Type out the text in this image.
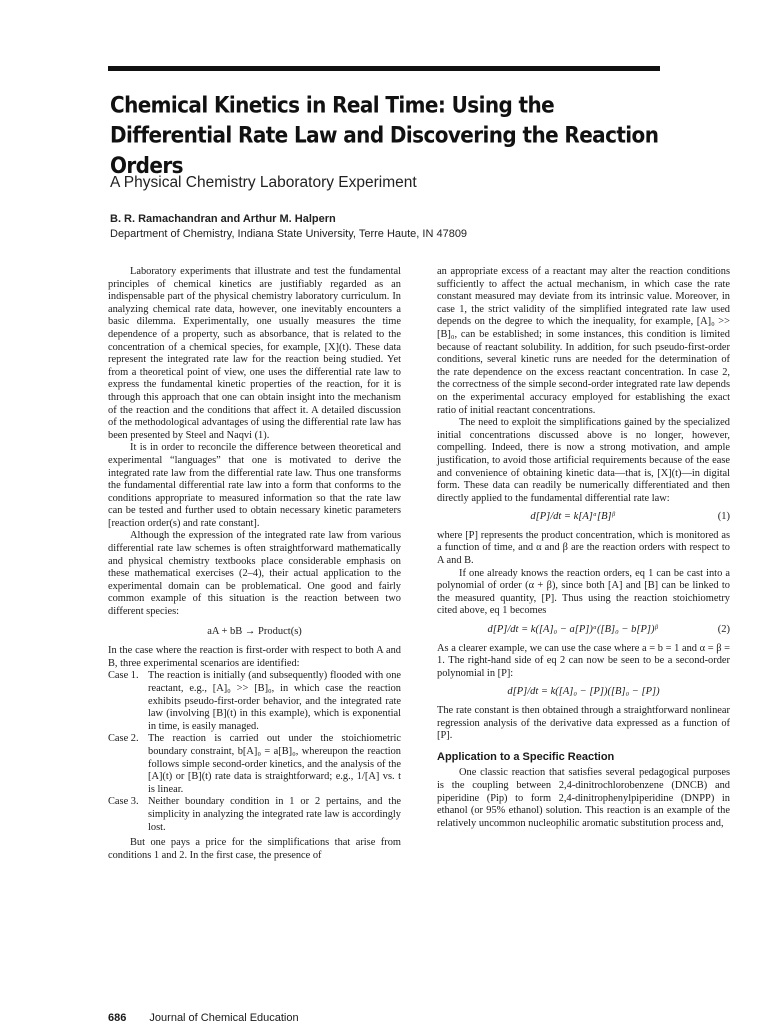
Chemical Kinetics in Real Time: Using the Differential Rate Law and Discovering the Reaction Orders
A Physical Chemistry Laboratory Experiment
B. R. Ramachandran and Arthur M. Halpern
Department of Chemistry, Indiana State University, Terre Haute, IN 47809

Laboratory experiments that illustrate and test the fundamental principles of chemical kinetics are justifiably regarded as an indispensable part of the physical chemistry laboratory curriculum. In analyzing chemical rate data, however, one inevitably encounters a basic dilemma. Experimentally, one usually measures the time dependence of a property, such as absorbance, that is related to the concentration of a chemical species, for example, [X](t). These data represent the integrated rate law for the reaction being studied. Yet from a theoretical point of view, one uses the differential rate law to express the fundamental kinetic properties of the reaction, for it is through this approach that one can obtain insight into the mechanism of the reaction and the conditions that affect it. A detailed discussion of the methodological advantages of using the differential rate law has been presented by Steel and Naqvi (1).

It is in order to reconcile the difference between theoretical and experimental “languages” that one is motivated to derive the integrated rate law from the differential rate law. Thus one transforms the fundamental differential rate law into a form that conforms to the conditions appropriate to measured information so that the rate law can be tested and further used to obtain necessary kinetic parameters [reaction order(s) and rate constant].

Although the expression of the integrated rate law from various differential rate law schemes is often straightforward mathematically and physical chemistry textbooks place considerable emphasis on these mathematical exercises (2–4), their actual application to the experimental domain can be problematical. One good and fairly common example of this situation is the reaction between two different species:

aA + bB → Product(s)

In the case where the reaction is first-order with respect to both A and B, three experimental scenarios are identified:

Case 1. The reaction is initially (and subsequently) flooded with one reactant, e.g., [A]₀ >> [B]₀, in which case the reaction exhibits pseudo-first-order behavior, and the integrated rate law (involving [B](t) in this example), which is exponential in time, is easily managed.
Case 2. The reaction is carried out under the stoichiometric boundary constraint, b[A]₀ = a[B]₀, whereupon the reaction follows simple second-order kinetics, and the analysis of the [A](t) or [B](t) rate data is straightforward; e.g., 1/[A] vs. t is linear.
Case 3. Neither boundary condition in 1 or 2 pertains, and the simplicity in analyzing the integrated rate law is accordingly lost.

But one pays a price for the simplifications that arise from conditions 1 and 2. In the first case, the presence of

an appropriate excess of a reactant may alter the reaction conditions sufficiently to affect the actual mechanism, in which case the rate constant measured may deviate from its intrinsic value. Moreover, in case 1, the strict validity of the simplified integrated rate law used depends on the degree to which the inequality, for example, [A]₀ >> [B]₀, can be established; in some instances, this condition is limited because of reactant solubility. In addition, for such pseudo-first-order conditions, several kinetic runs are needed for the determination of the rate dependence on the excess reactant concentration. In case 2, the correctness of the simple second-order integrated rate law depends on the experimental accuracy employed for establishing the exact ratio of initial reactant concentrations.

The need to exploit the simplifications gained by the specialized initial concentrations discussed above is no longer, however, compelling. Indeed, there is now a strong motivation, and ample justification, to avoid those artificial requirements because of the ease and convenience of obtaining kinetic data—that is, [X](t)—in digital form. These data can readily be numerically differentiated and then directly applied to the fundamental differential rate law:

d[P]/dt = k[A]ᵅ[B]ᵝ	(1)

where [P] represents the product concentration, which is monitored as a function of time, and α and β are the reaction orders with respect to A and B.

If one already knows the reaction orders, eq 1 can be cast into a polynomial of order (α + β), since both [A] and [B] can be linked to the measured quantity, [P]. Thus using the reaction stoichiometry cited above, eq 1 becomes

d[P]/dt = k([A]₀ − a[P])ᵅ([B]₀ − b[P])ᵝ	(2)

As a clearer example, we can use the case where a = b = 1 and α = β = 1. The right-hand side of eq 2 can now be seen to be a second-order polynomial in [P]:

d[P]/dt = k([A]₀ − [P])([B]₀ − [P])

The rate constant is then obtained through a straightforward nonlinear regression analysis of the derivative data expressed as a function of [P].

Application to a Specific Reaction

One classic reaction that satisfies several pedagogical purposes is the coupling between 2,4-dinitrochlorobenzene (DNCB) and piperidine (Pip) to form 2,4-dinitrophenylpiperidine (DNPP) in ethanol (or 95% ethanol) solution. This reaction is an example of the relatively uncommon nucleophilic aromatic substitution process and,

686 Journal of Chemical Education
